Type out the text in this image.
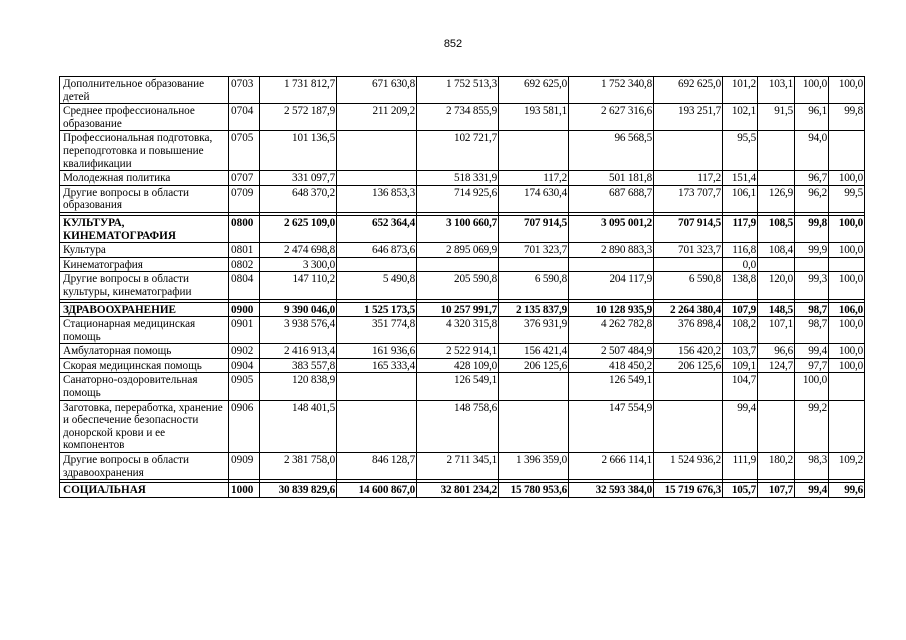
852
Дополнительное образование детей	0703	1 731 812,7	671 630,8	1 752 513,3	692 625,0	1 752 340,8	692 625,0	101,2	103,1	100,0	100,0
Среднее профессиональное образование	0704	2 572 187,9	211 209,2	2 734 855,9	193 581,1	2 627 316,6	193 251,7	102,1	91,5	96,1	99,8
Профессиональная подготовка, переподготовка и повышение квалификации	0705	101 136,5		102 721,7		96 568,5		95,5		94,0	
Молодежная политика	0707	331 097,7		518 331,9	117,2	501 181,8	117,2	151,4		96,7	100,0
Другие вопросы в области образования	0709	648 370,2	136 853,3	714 925,6	174 630,4	687 688,7	173 707,7	106,1	126,9	96,2	99,5

КУЛЬТУРА, КИНЕМАТОГРАФИЯ	0800	2 625 109,0	652 364,4	3 100 660,7	707 914,5	3 095 001,2	707 914,5	117,9	108,5	99,8	100,0
Культура	0801	2 474 698,8	646 873,6	2 895 069,9	701 323,7	2 890 883,3	701 323,7	116,8	108,4	99,9	100,0
Кинематография	0802	3 300,0						0,0			
Другие вопросы в области культуры, кинематографии	0804	147 110,2	5 490,8	205 590,8	6 590,8	204 117,9	6 590,8	138,8	120,0	99,3	100,0

ЗДРАВООХРАНЕНИЕ	0900	9 390 046,0	1 525 173,5	10 257 991,7	2 135 837,9	10 128 935,9	2 264 380,4	107,9	148,5	98,7	106,0
Стационарная медицинская помощь	0901	3 938 576,4	351 774,8	4 320 315,8	376 931,9	4 262 782,8	376 898,4	108,2	107,1	98,7	100,0
Амбулаторная помощь	0902	2 416 913,4	161 936,6	2 522 914,1	156 421,4	2 507 484,9	156 420,2	103,7	96,6	99,4	100,0
Скорая медицинская помощь	0904	383 557,8	165 333,4	428 109,0	206 125,6	418 450,2	206 125,6	109,1	124,7	97,7	100,0
Санаторно-оздоровительная помощь	0905	120 838,9		126 549,1		126 549,1		104,7		100,0	
Заготовка, переработка, хранение и обеспечение безопасности донорской крови и ее компонентов	0906	148 401,5		148 758,6		147 554,9		99,4		99,2	
Другие вопросы в области здравоохранения	0909	2 381 758,0	846 128,7	2 711 345,1	1 396 359,0	2 666 114,1	1 524 936,2	111,9	180,2	98,3	109,2

СОЦИАЛЬНАЯ	1000	30 839 829,6	14 600 867,0	32 801 234,2	15 780 953,6	32 593 384,0	15 719 676,3	105,7	107,7	99,4	99,6
